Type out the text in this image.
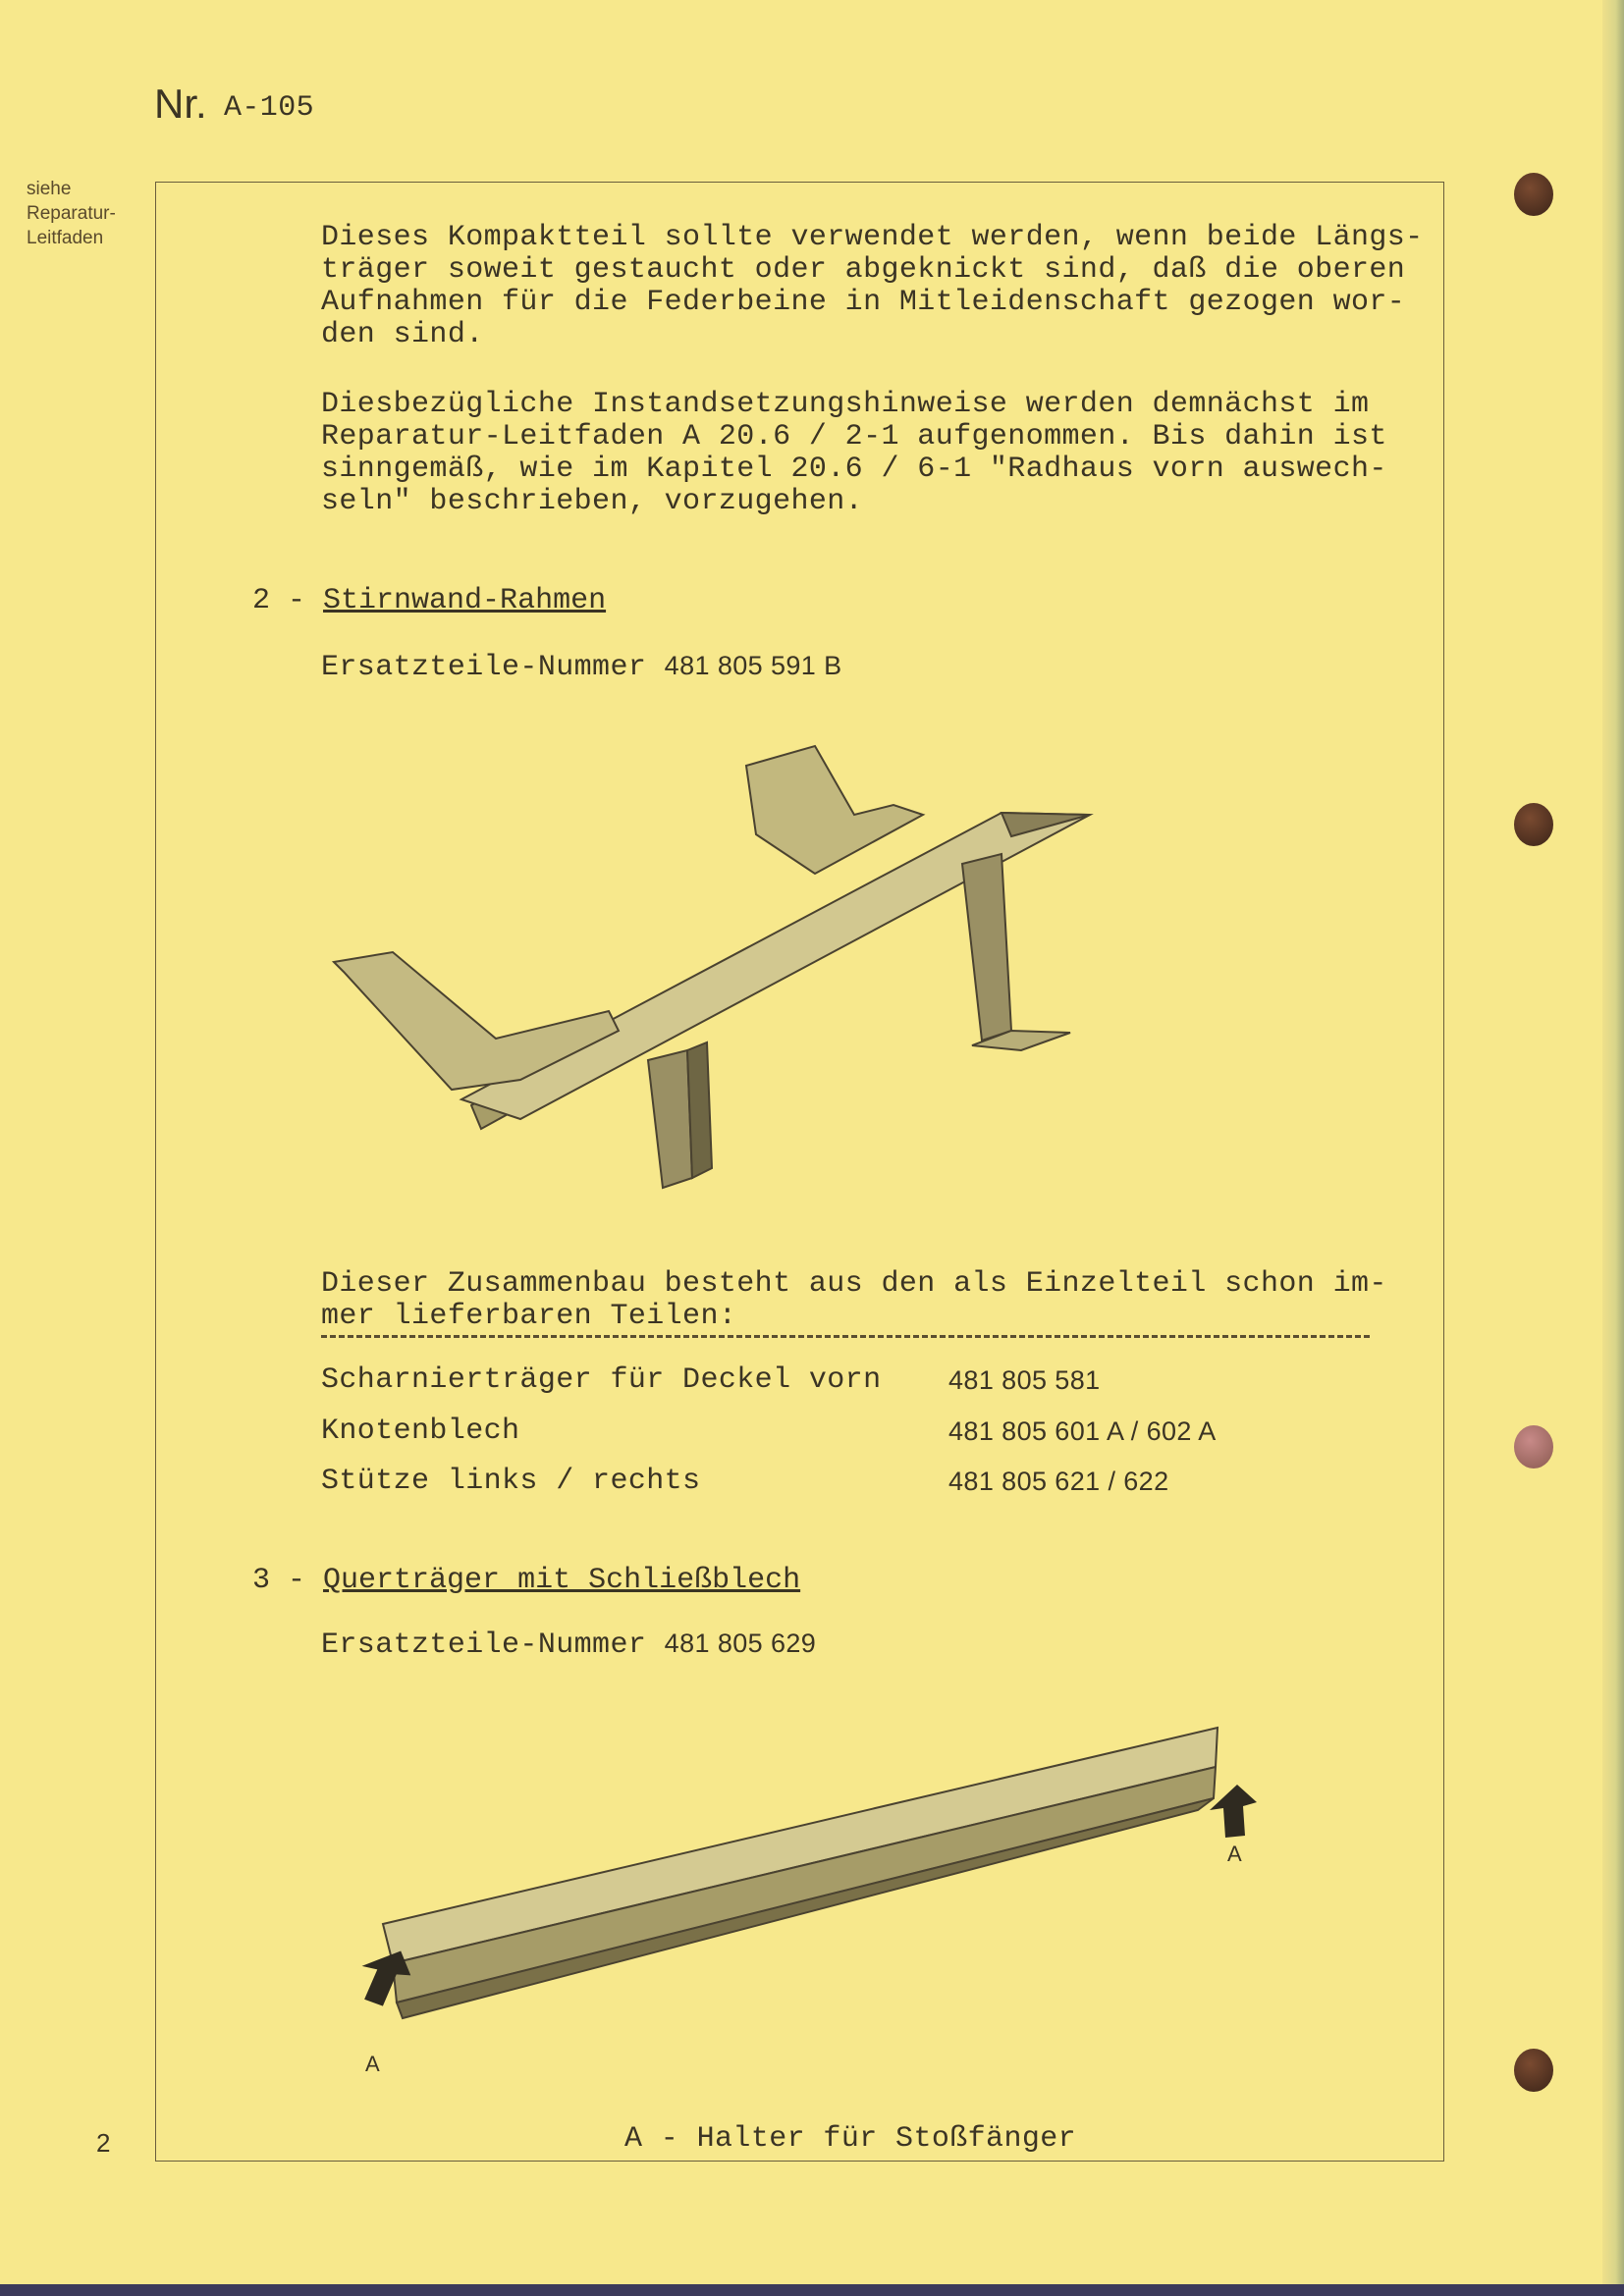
Nr. A-105
siehe
Reparatur-
Leitfaden	Dieses Kompaktteil sollte verwendet werden, wenn beide Längs-
träger soweit gestaucht oder abgeknickt sind, daß die oberen
Aufnahmen für die Federbeine in Mitleidenschaft gezogen wor-
den sind.
Diesbezügliche Instandsetzungshinweise werden demnächst im
Reparatur-Leitfaden A 20.6 / 2-1 aufgenommen. Bis dahin ist
sinngemäß, wie im Kapitel 20.6 / 6-1 "Radhaus vorn auswech-
seln" beschrieben, vorzugehen.
2 - Stirnwand-Rahmen
Ersatzteile-Nummer 481 805 591 B
Dieser Zusammenbau besteht aus den als Einzelteil schon im-
mer lieferbaren Teilen:
Scharnierträger für Deckel vorn	481 805 581
Knotenblech	481 805 601 A / 602 A
Stütze links / rechts	481 805 621 / 622
3 - Querträger mit Schließblech
Ersatzteile-Nummer 481 805 629
A
A
A - Halter für Stoßfänger
2
